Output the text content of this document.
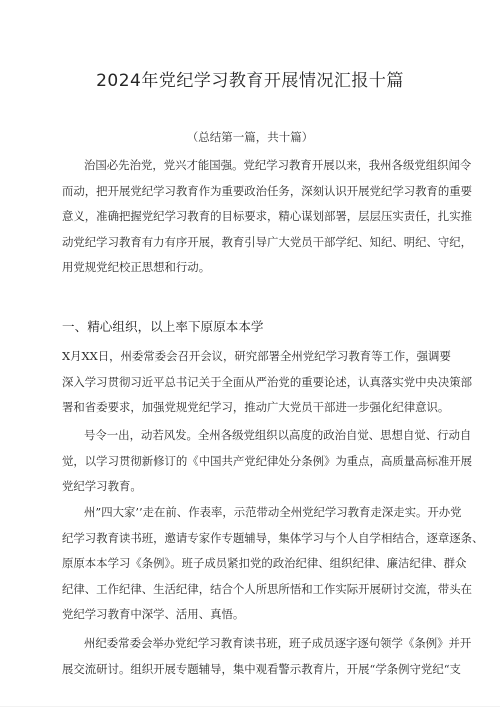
2024年党纪学习教育开展情况汇报十篇
（总结第一篇，共十篇）

治国必先治党，党兴才能国强。党纪学习教育开展以来，我州各级党组织闻令
而动，把开展党纪学习教育作为重要政治任务，深刻认识开展党纪学习教育的重要
意义，准确把握党纪学习教育的目标要求，精心谋划部署，层层压实责任，扎实推
动党纪学习教育有力有序开展，教育引导广大党员干部学纪、知纪、明纪、守纪，
用党规党纪校正思想和行动。

一、精心组织，以上率下原原本本学

X月XX日，州委常委会召开会议，研究部署全州党纪学习教育等工作，强调要
深入学习贯彻习近平总书记关于全面从严治党的重要论述，认真落实党中央决策部
署和省委要求，加强党规党纪学习，推动广大党员干部进一步强化纪律意识。

号令一出，动若风发。全州各级党组织以高度的政治自觉、思想自觉、行动自
觉，以学习贯彻新修订的《中国共产党纪律处分条例》为重点，高质量高标准开展
党纪学习教育。

州”四大家’’走在前、作表率，示范带动全州党纪学习教育走深走实。开办党
纪学习教育读书班，邀请专家作专题辅导，集体学习与个人自学相结合，逐章逐条、
原原本本学习《条例》。班子成员紧扣党的政治纪律、组织纪律、廉洁纪律、群众
纪律、工作纪律、生活纪律，结合个人所思所悟和工作实际开展研讨交流，带头在
党纪学习教育中深学、活用、真悟。

州纪委常委会举办党纪学习教育读书班，班子成员逐字逐句领学《条例》并开
展交流研讨。组织开展专题辅导，集中观看警示教育片，开展“学条例守党纪“支
